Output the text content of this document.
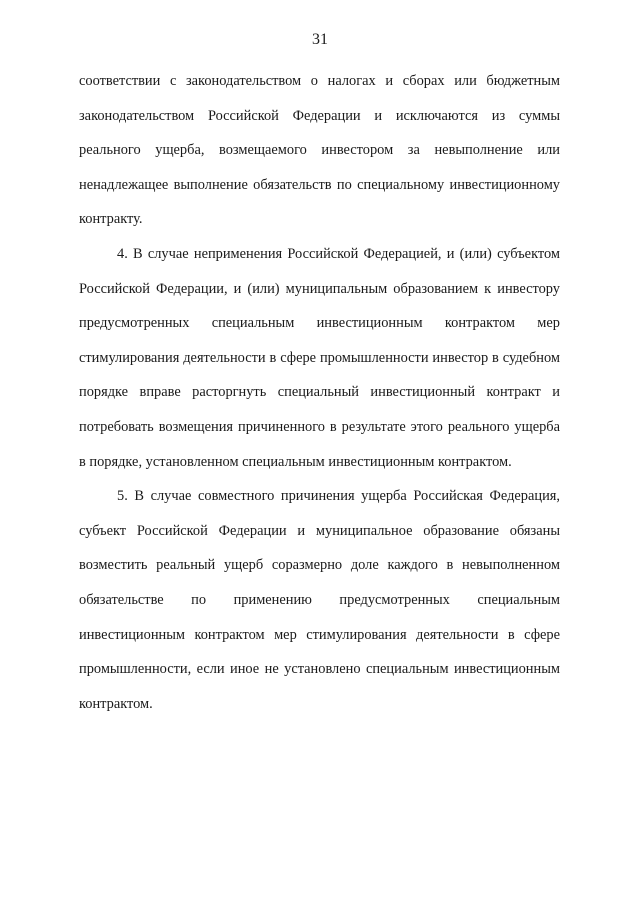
31

соответствии с законодательством о налогах и сборах или бюджетным законодательством Российской Федерации и исключаются из суммы реального ущерба, возмещаемого инвестором за невыполнение или ненадлежащее выполнение обязательств по специальному инвестиционному контракту.

4. В случае неприменения Российской Федерацией, и (или) субъектом Российской Федерации, и (или) муниципальным образованием к инвестору предусмотренных специальным инвестиционным контрактом мер стимулирования деятельности в сфере промышленности инвестор в судебном порядке вправе расторгнуть специальный инвестиционный контракт и потребовать возмещения причиненного в результате этого реального ущерба в порядке, установленном специальным инвестиционным контрактом.

5. В случае совместного причинения ущерба Российская Федерация, субъект Российской Федерации и муниципальное образование обязаны возместить реальный ущерб соразмерно доле каждого в невыполненном обязательстве по применению предусмотренных специальным инвестиционным контрактом мер стимулирования деятельности в сфере промышленности, если иное не установлено специальным инвестиционным контрактом.
